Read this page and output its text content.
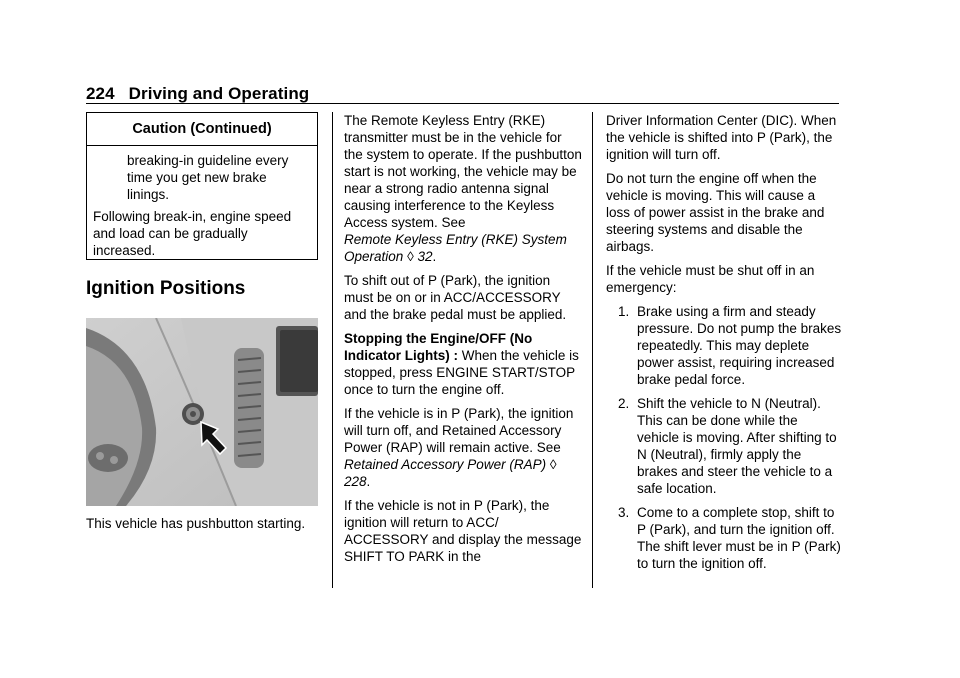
224 Driving and Operating
Caution (Continued)

breaking-in guideline every time you get new brake linings.

Following break-in, engine speed and load can be gradually increased.

Ignition Positions
This vehicle has pushbutton starting.

The Remote Keyless Entry (RKE) transmitter must be in the vehicle for the system to operate. If the pushbutton start is not working, the vehicle may be near a strong radio antenna signal causing interference to the Keyless Access system. See
Remote Keyless Entry (RKE) System Operation ◊ 32.

To shift out of P (Park), the ignition must be on or in ACC/ACCESSORY and the brake pedal must be applied.

Stopping the Engine/OFF (No Indicator Lights) : When the vehicle is stopped, press ENGINE START/STOP once to turn the engine off.

If the vehicle is in P (Park), the ignition will turn off, and Retained Accessory Power (RAP) will remain active. See Retained Accessory Power (RAP) ◊ 228.

If the vehicle is not in P (Park), the ignition will return to ACC/ ACCESSORY and display the message SHIFT TO PARK in the

Driver Information Center (DIC). When the vehicle is shifted into P (Park), the ignition will turn off.

Do not turn the engine off when the vehicle is moving. This will cause a loss of power assist in the brake and steering systems and disable the airbags.

If the vehicle must be shut off in an emergency:

1. Brake using a firm and steady pressure. Do not pump the brakes repeatedly. This may deplete power assist, requiring increased brake pedal force.
2. Shift the vehicle to N (Neutral). This can be done while the vehicle is moving. After shifting to N (Neutral), firmly apply the brakes and steer the vehicle to a safe location.
3. Come to a complete stop, shift to P (Park), and turn the ignition off. The shift lever must be in P (Park) to turn the ignition off.
